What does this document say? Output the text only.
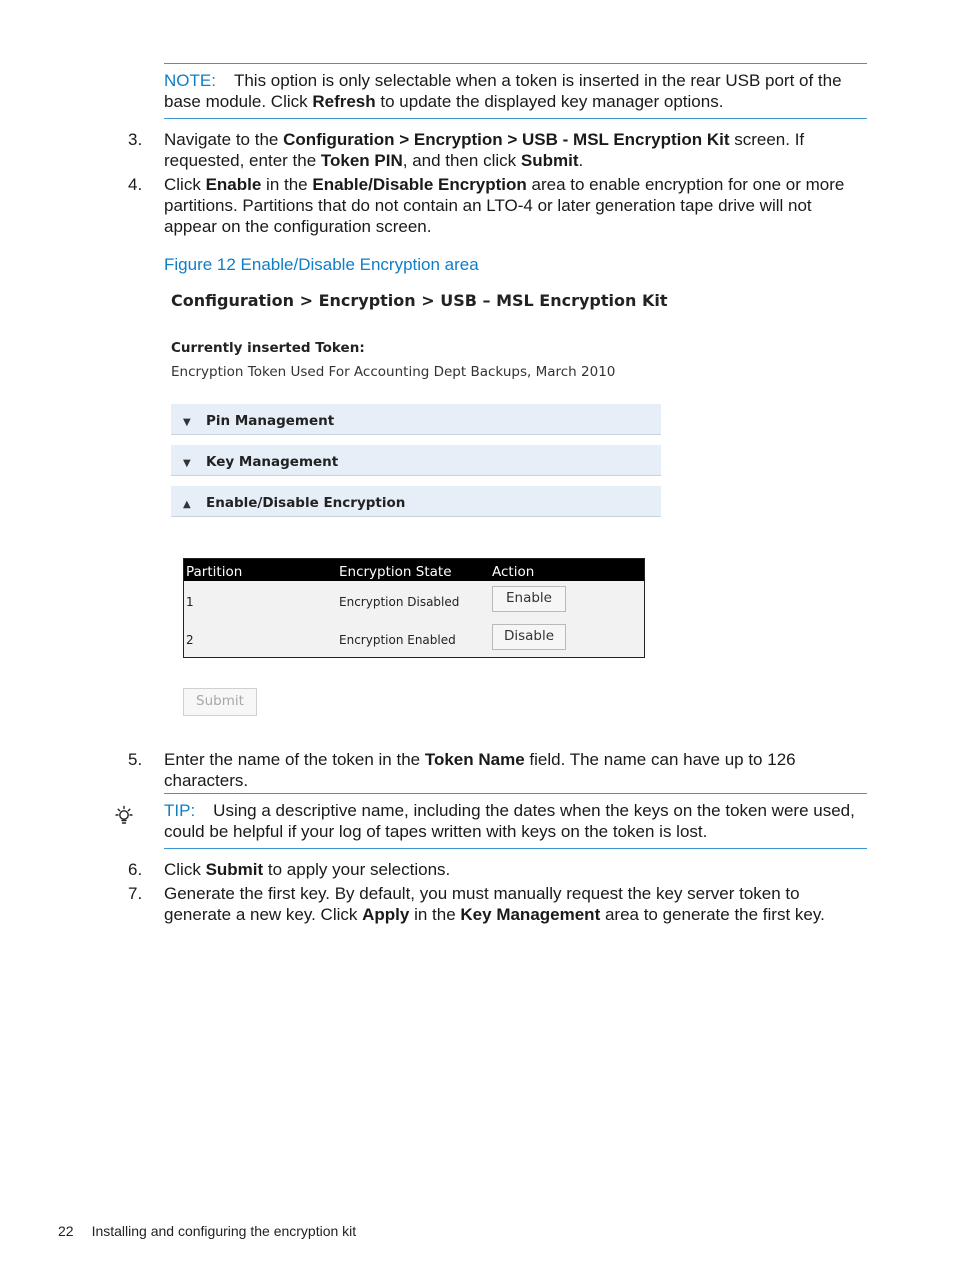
NOTE: This option is only selectable when a token is inserted in the rear USB port of the base module. Click Refresh to update the displayed key manager options.
3.	Navigate to the Configuration > Encryption > USB - MSL Encryption Kit screen. If requested, enter the Token PIN, and then click Submit.
4.	Click Enable in the Enable/Disable Encryption area to enable encryption for one or more partitions. Partitions that do not contain an LTO-4 or later generation tape drive will not appear on the configuration screen.
Figure 12 Enable/Disable Encryption area
Configuration > Encryption > USB – MSL Encryption Kit
Currently inserted Token:
Encryption Token Used For Accounting Dept Backups, March 2010
▼ Pin Management
▼ Key Management
▲ Enable/Disable Encryption
Partition	Encryption State	Action
1	Encryption Disabled	Enable
2	Encryption Enabled	Disable
Submit
5.	Enter the name of the token in the Token Name field. The name can have up to 126 characters.
TIP: Using a descriptive name, including the dates when the keys on the token were used, could be helpful if your log of tapes written with keys on the token is lost.
6.	Click Submit to apply your selections.
7.	Generate the first key. By default, you must manually request the key server token to generate a new key. Click Apply in the Key Management area to generate the first key.
22 Installing and configuring the encryption kit
